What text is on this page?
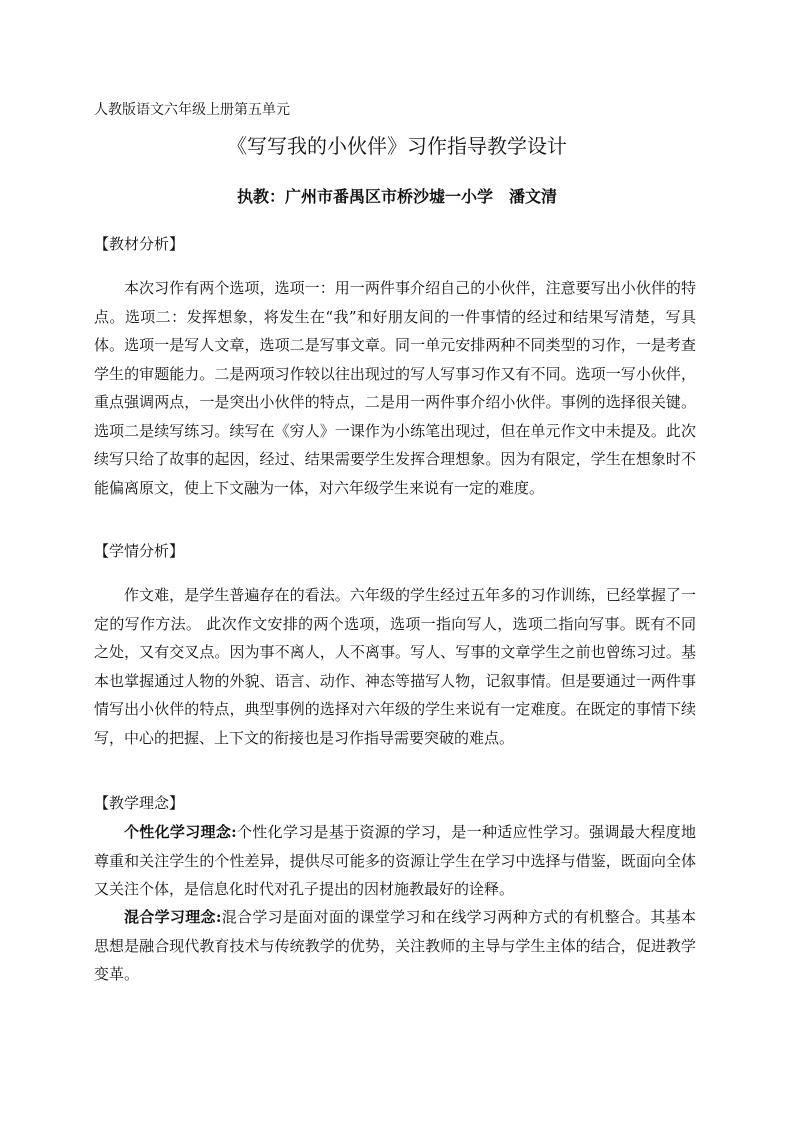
人教版语文六年级上册第五单元
《写写我的小伙伴》习作指导教学设计
执教：广州市番禺区市桥沙墟一小学　潘文清
【教材分析】

本次习作有两个选项，选项一：用一两件事介绍自己的小伙伴，注意要写出小伙伴的特点。选项二：发挥想象，将发生在“我”和好朋友间的一件事情的经过和结果写清楚，写具体。选项一是写人文章，选项二是写事文章。同一单元安排两种不同类型的习作，一是考查学生的审题能力。二是两项习作较以往出现过的写人写事习作又有不同。选项一写小伙伴，重点强调两点，一是突出小伙伴的特点，二是用一两件事介绍小伙伴。事例的选择很关键。选项二是续写练习。续写在《穷人》一课作为小练笔出现过，但在单元作文中未提及。此次续写只给了故事的起因，经过、结果需要学生发挥合理想象。因为有限定，学生在想象时不能偏离原文，使上下文融为一体，对六年级学生来说有一定的难度。

【学情分析】

作文难，是学生普遍存在的看法。六年级的学生经过五年多的习作训练，已经掌握了一定的写作方法。 此次作文安排的两个选项，选项一指向写人，选项二指向写事。既有不同之处，又有交叉点。因为事不离人，人不离事。写人、写事的文章学生之前也曾练习过。基本也掌握通过人物的外貌、语言、动作、神态等描写人物，记叙事情。但是要通过一两件事情写出小伙伴的特点，典型事例的选择对六年级的学生来说有一定难度。在既定的事情下续写，中心的把握、上下文的衔接也是习作指导需要突破的难点。

【教学理念】

个性化学习理念:个性化学习是基于资源的学习，是一种适应性学习。强调最大程度地尊重和关注学生的个性差异，提供尽可能多的资源让学生在学习中选择与借鉴，既面向全体又关注个体，是信息化时代对孔子提出的因材施教最好的诠释。

混合学习理念:混合学习是面对面的课堂学习和在线学习两种方式的有机整合。其基本思想是融合现代教育技术与传统教学的优势，关注教师的主导与学生主体的结合，促进教学变革。
